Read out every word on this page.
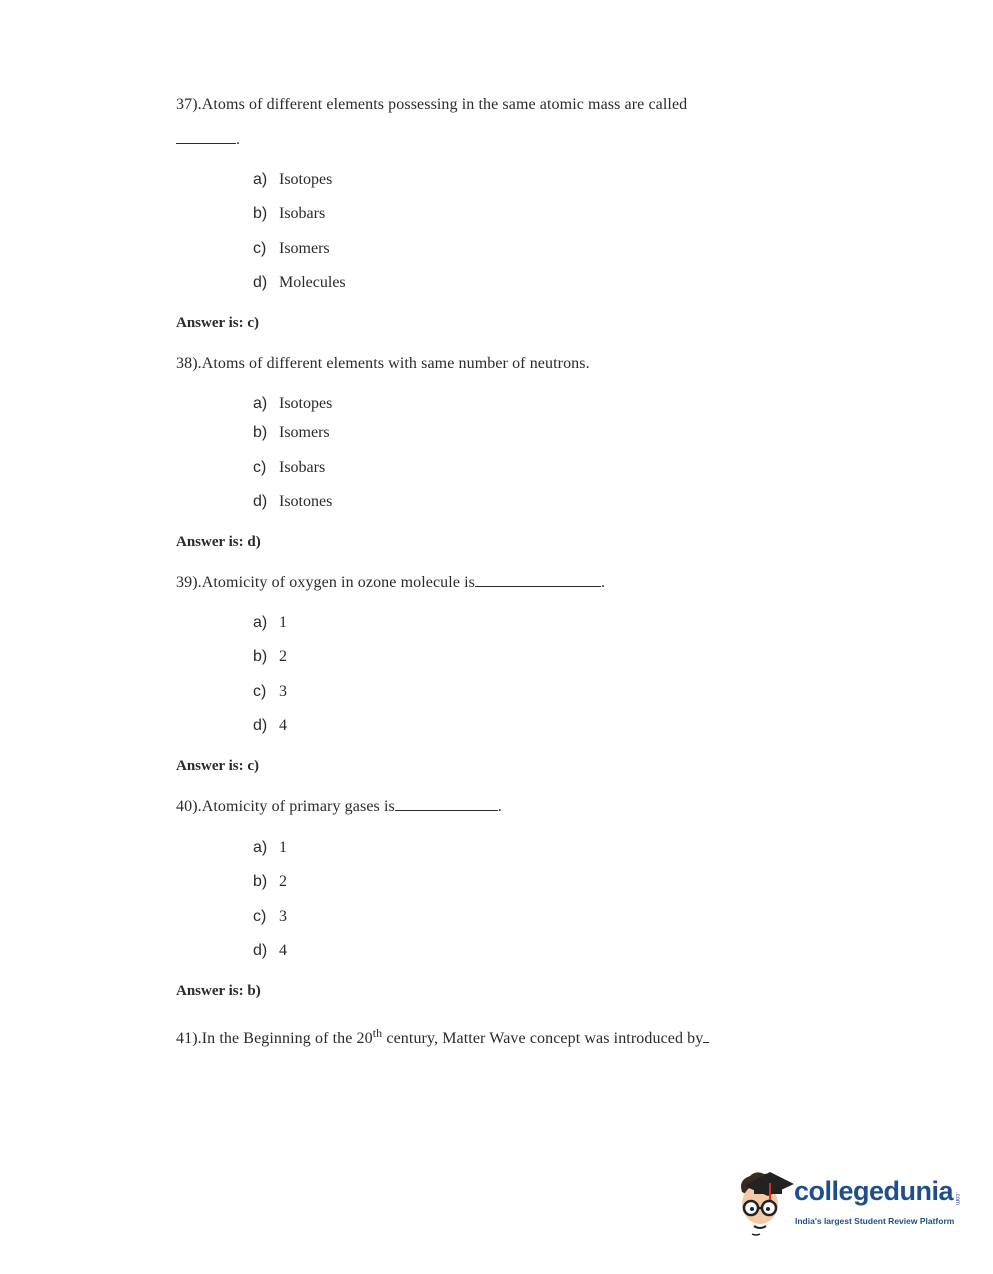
37).Atoms of different elements possessing in the same atomic mass are called
.
a) Isotopes
b) Isobars
c) Isomers
d) Molecules
Answer is: c)
38).Atoms of different elements with same number of neutrons.
a) Isotopes
b) Isomers
c) Isobars
d) Isotones
Answer is: d)
39).Atomicity of oxygen in ozone molecule is	.
a) 1
b) 2
c) 3
d) 4
Answer is: c)
40).Atomicity of primary gases is	.
a) 1
b) 2
c) 3
d) 4
Answer is: b)
41).In the Beginning of the 20th century, Matter Wave concept was introduced by
collegedunia .com
India's largest Student Review Platform
